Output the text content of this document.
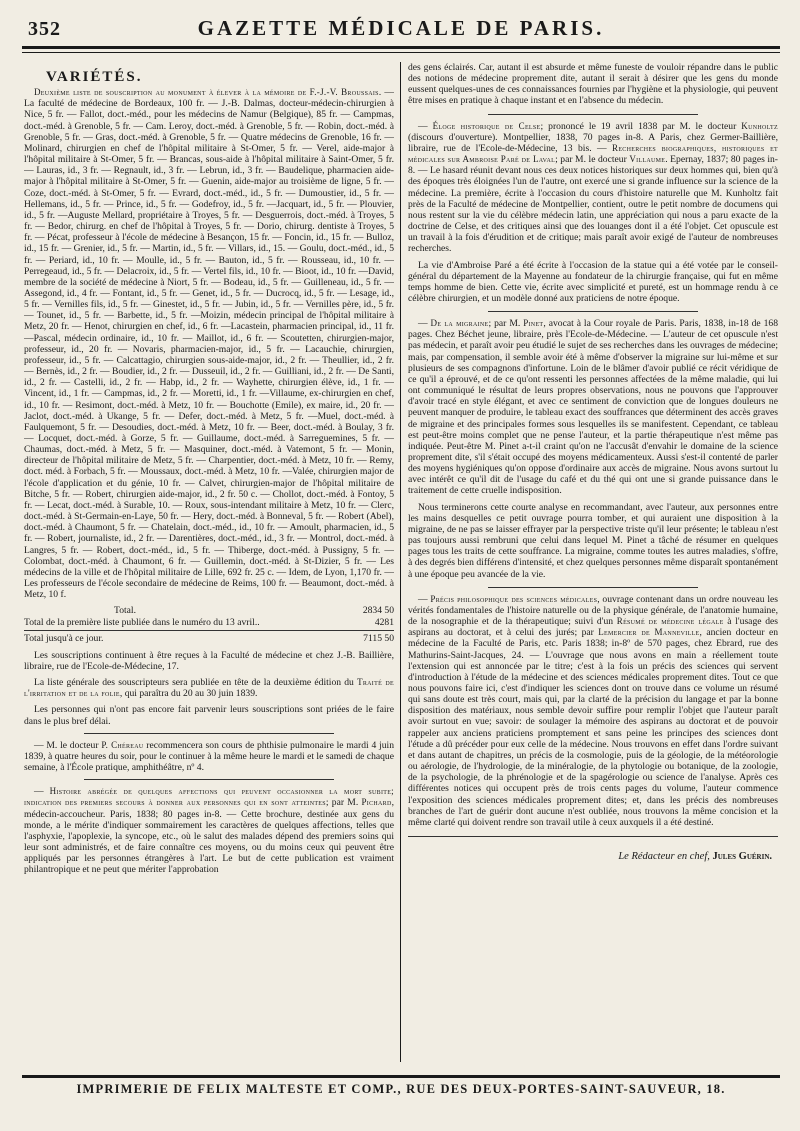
352	GAZETTE MÉDICALE DE PARIS.
VARIÉTÉS.

Deuxième liste de souscription au monument à élever à la mémoire de F.-J.-V. Broussais. — La faculté de médecine de Bordeaux, 100 fr. — J.-B. Dalmas, docteur-médecin-chirurgien à Nice, 5 fr. — Fallot, doct.-méd., pour les médecins de Namur (Belgique), 85 fr. — Campmas, doct.-méd. à Grenoble, 5 fr. — Cam. Leroy, doct.-méd. à Grenoble, 5 fr. — Robin, doct.-méd. à Grenoble, 5 fr. — Gras, doct.-méd. à Grenoble, 5 fr. — Quatre médecins de Grenoble, 16 fr. — Molinard, chirurgien en chef de l'hôpital militaire à St-Omer, 5 fr. — Verel, aide-major à l'hôpital militaire à St-Omer, 5 fr. — Brancas, sous-aide à l'hôpital militaire à Saint-Omer, 5 fr. — Lauras, id., 3 fr. — Regnault, id., 3 fr. — Lebrun, id., 3 fr. — Baudelique, pharmacien aide-major à l'hôpital militaire à St-Omer, 5 fr. — Guenin, aide-major au troisième de ligne, 5 fr. — Coze, doct.-méd. à St-Omer, 5 fr. — Evrard, doct.-méd., id., 5 fr. — Dumoustier, id., 5 fr. — Hellemans, id., 5 fr. — Prince, id., 5 fr. — Godefroy, id., 5 fr. —Jacquart, id., 5 fr. — Plouvier, id., 5 fr. —Auguste Mellard, propriétaire à Troyes, 5 fr. — Desguerrois, doct.-méd. à Troyes, 5 fr. — Bedor, chirurg. en chef de l'hôpital à Troyes, 5 fr. — Dorio, chirurg. dentiste à Troyes, 5 fr. — Pécat, professeur à l'école de médecine à Besançon, 15 fr. — Foncin, id., 15 fr. — Bulloz, id., 15 fr. — Grenier, id., 5 fr. — Martin, id., 5 fr. — Villars, id., 15. — Goulu, doct.-méd., id., 5 fr. — Periard, id., 10 fr. — Moulle, id., 5 fr. — Bauton, id., 5 fr. — Rousseau, id., 10 fr. — Perregeaud, id., 5 fr. — Delacroix, id., 5 fr. — Vertel fils, id., 10 fr. — Bioot, id., 10 fr. —David, membre de la société de médecine à Niort, 5 fr. — Bodeau, id., 5 fr. — Guilleneau, id., 5 fr. — Assegond, id., 4 fr. — Fontant, id., 5 fr. — Genet, id., 5 fr. — Ducrocq, id., 5 fr. — Lesage, id., 5 fr. — Vernilles fils, id., 5 fr. — Ginestet, id., 5 fr. — Jubin, id., 5 fr. — Vernilles père, id., 5 fr. — Tounet, id., 5 fr. — Barbette, id., 5 fr. —Moizin, médecin principal de l'hôpital militaire à Metz, 20 fr. — Henot, chirurgien en chef, id., 6 fr. —Lacastein, pharmacien principal, id., 11 fr. —Pascal, médecin ordinaire, id., 10 fr. — Maillot, id., 6 fr. — Scoutetten, chirurgien-major, professeur, id., 20 fr. — Novaris, pharmacien-major, id., 5 fr. — Lacauchie, chirurgien, professeur, id., 5 fr. — Calcattagio, chirurgien sous-aide-major, id., 2 fr. — Theullier, id., 2 fr. — Bernès, id., 2 fr. — Boudier, id., 2 fr. — Dusseuil, id., 2 fr. — Guilliani, id., 2 fr. — De Santi, id., 2 fr. — Castelli, id., 2 fr. — Habp, id., 2 fr. — Wayhette, chirurgien élève, id., 1 fr. — Vincent, id., 1 fr. — Campmas, id., 2 fr. — Moretti, id., 1 fr. —Villaume, ex-chirurgien en chef, id., 10 fr. — Resimont, doct.-méd. à Metz, 10 fr. — Bouchotte (Emile), ex maire, id., 20 fr. — Jaclot, doct.-méd. à Ukange, 5 fr. — Defer, doct.-méd. à Metz, 5 fr. —Muel, doct.-méd. à Faulquemont, 5 fr. — Desoudies, doct.-méd. à Metz, 10 fr. — Beer, doct.-méd. à Boulay, 3 fr. — Locquet, doct.-méd. à Gorze, 5 fr. — Guillaume, doct.-méd. à Sarreguemines, 5 fr. — Chaumas, doct.-méd. à Metz, 5 fr. — Masquiner, doct.-méd. à Vatemont, 5 fr. — Monin, directeur de l'hôpital militaire de Metz, 5 fr. — Charpentier, doct.-méd. à Metz, 10 fr. — Remy, doct. méd. à Forbach, 5 fr. — Moussaux, doct.-méd. à Metz, 10 fr. —Valée, chirurgien major de l'école d'application et du génie, 10 fr. — Calvet, chirurgien-major de l'hôpital militaire de Bitche, 5 fr. — Robert, chirurgien aide-major, id., 2 fr. 50 c. — Chollot, doct.-méd. à Fontoy, 5 fr. — Lecat, doct.-méd. à Surable, 10. — Roux, sous-intendant militaire à Metz, 10 fr. — Clerc, doct.-méd. à St-Germain-en-Laye, 50 fr. — Hery, doct.-méd. à Bonneval, 5 fr. — Robert (Abel), doct.-méd. à Chaumont, 5 fr. — Chatelain, doct.-méd., id., 10 fr. — Amoult, pharmacien, id., 5 fr. — Robert, journaliste, id., 2 fr. — Darentières, doct.-méd., id., 3 fr. — Montrol, doct.-méd. à Langres, 5 fr. — Robert, doct.-méd., id., 5 fr. — Thiberge, doct.-méd. à Pussigny, 5 fr. — Colombat, doct.-méd. à Chaumont, 6 fr. — Guillemin, doct.-méd. à St-Dizier, 5 fr. — Les médecins de la ville et de l'hôpital militaire de Lille, 692 fr. 25 c. — Idem, de Lyon, 1,170 fr. — Les professeurs de l'école secondaire de médecine de Reims, 100 fr. — Beaumont, doct.-méd. à Metz, 10 f.

Total.	2834 50
Total de la première liste publiée dans le numéro du 13 avril..	4281
Total jusqu'à ce jour.	7115 50

Les souscriptions continuent à être reçues à la Faculté de médecine et chez J.-B. Baillière, libraire, rue de l'Ecole-de-Médecine, 17.

La liste générale des souscripteurs sera publiée en tête de la deuxième édition du Traité de l'irritation et de la folie, qui paraîtra du 20 au 30 juin 1839.

Les personnes qui n'ont pas encore fait parvenir leurs souscriptions sont priées de le faire dans le plus bref délai.

— M. le docteur P. Chéreau recommencera son cours de phthisie pulmonaire le mardi 4 juin 1839, à quatre heures du soir, pour le continuer à la même heure le mardi et le samedi de chaque semaine, à l'École pratique, amphithéâtre, nº 4.

— Histoire abrégée de quelques affections qui peuvent occasionner la mort subite; indication des premiers secours à donner aux personnes qui en sont atteintes; par M. Pichard, médecin-accoucheur. Paris, 1838; 80 pages in-8. — Cette brochure, destinée aux gens du monde, a le mérite d'indiquer sommairement les caractères de quelques affections, telles que l'asphyxie, l'apoplexie, la syncope, etc., où le salut des malades dépend des premiers soins qui leur sont administrés, et de faire connaître ces moyens, ou du moins ceux qui peuvent être appliqués par les personnes étrangères à l'art. Le but de cette publication est vraiment philantropique et ne peut que mériter l'approbation

des gens éclairés. Car, autant il est absurde et même funeste de vouloir répandre dans le public des notions de médecine proprement dite, autant il serait à désirer que les gens du monde eussent quelques-unes de ces connaissances fournies par l'hygiène et la physiologie, qui peuvent être mises en pratique à chaque instant et en l'absence du médecin.

— Éloge historique de Celse; prononcé le 19 avril 1838 par M. le docteur Kunholtz (discours d'ouverture). Montpellier, 1838, 70 pages in-8. A Paris, chez Germer-Baillière, libraire, rue de l'Ecole-de-Médecine, 13 bis. — Recherches biographiques, historiques et médicales sur Ambroise Paré de Laval; par M. le docteur Villaume. Epernay, 1837; 80 pages in-8. — Le hasard réunit devant nous ces deux notices historiques sur deux hommes qui, bien qu'à des époques très éloignées l'un de l'autre, ont exercé une si grande influence sur la science de la médecine. La première, écrite à l'occasion du cours d'histoire naturelle que M. Kunholtz fait près de la Faculté de médecine de Montpellier, contient, outre le petit nombre de documens qui nous restent sur la vie du célèbre médecin latin, une appréciation qui nous a paru exacte de la doctrine de Celse, et des critiques ainsi que des louanges dont il a été l'objet. Cet opuscule est un travail à la fois d'érudition et de critique; mais paraît avoir exigé de l'auteur de nombreuses recherches.

La vie d'Ambroise Paré a été écrite à l'occasion de la statue qui a été votée par le conseil-général du département de la Mayenne au fondateur de la chirurgie française, qui fut en même temps homme de bien. Cette vie, écrite avec simplicité et pureté, est un hommage rendu à ce célèbre chirurgien, et un modèle donné aux praticiens de notre époque.

— De la migraine; par M. Pinet, avocat à la Cour royale de Paris. Paris, 1838, in-18 de 168 pages. Chez Béchet jeune, libraire, près l'Ecole-de-Médecine. — L'auteur de cet opuscule n'est pas médecin, et paraît avoir peu étudié le sujet de ses recherches dans les ouvrages de médecine; mais, par compensation, il semble avoir été à même d'observer la migraine sur lui-même et sur plusieurs de ses compagnons d'infortune. Loin de le blâmer d'avoir publié ce récit véridique de ce qu'il a éprouvé, et de ce qu'ont ressenti les personnes affectées de la même maladie, qui lui ont communiqué le résultat de leurs propres observations, nous ne pouvons que l'approuver d'avoir tracé en style élégant, et avec ce sentiment de conviction que de longues douleurs ne peuvent manquer de produire, le tableau exact des souffrances que déterminent des accès graves de migraine et des principales formes sous lesquelles ils se manifestent. Cependant, ce tableau est peut-être moins complet que ne pense l'auteur, et la partie thérapeutique n'est même pas indiquée. Peut-être M. Pinet a-t-il craint qu'on ne l'accusât d'envahir le domaine de la science proprement dite, s'il s'était occupé des moyens médicamenteux. Aussi s'est-il contenté de parler des moyens hygiéniques qu'on oppose d'ordinaire aux accès de migraine. Nous avons surtout lu avec intérêt ce qu'il dit de l'usage du café et du thé qui ont une si grande puissance dans le traitement de cette cruelle indisposition.

Nous terminerons cette courte analyse en recommandant, avec l'auteur, aux personnes entre les mains desquelles ce petit ouvrage pourra tomber, et qui auraient une disposition à la migraine, de ne pas se laisser effrayer par la perspective triste qu'il leur présente; le tableau n'est pas toujours aussi rembruni que celui dans lequel M. Pinet a tâché de résumer en quelques pages tous les traits de cette souffrance. La migraine, comme toutes les autres maladies, s'offre, à des degrés bien différens d'intensité, et chez quelques personnes même disparaît spontanément à une époque peu avancée de la vie.

— Précis philosophique des sciences médicales, ouvrage contenant dans un ordre nouveau les vérités fondamentales de l'histoire naturelle ou de la physique générale, de l'anatomie humaine, de la nosographie et de la thérapeutique; suivi d'un Résumé de médecine légale à l'usage des aspirans au doctorat, et à celui des jurés; par Lemercier de Manneville, ancien docteur en médecine de la Faculté de Paris, etc. Paris 1838; in-8º de 570 pages, chez Ebrard, rue des Mathurins-Saint-Jacques, 24. — L'ouvrage que nous avons en main a réellement toute l'extension qui est annoncée par le titre; c'est à la fois un précis des sciences qui servent d'introduction à l'étude de la médecine et des sciences médicales proprement dites. Tout ce que nous pouvons faire ici, c'est d'indiquer les sciences dont on trouve dans ce volume un résumé qui sans doute est très court, mais qui, par la clarté de la précision du langage et par la bonne disposition des matériaux, nous semble devoir suffire pour remplir l'objet que l'auteur paraît avoir surtout en vue; savoir: de soulager la mémoire des aspirans au doctorat et de pouvoir rappeler aux anciens praticiens promptement et sans peine les principes des sciences dont l'étude a dû précéder pour eux celle de la médecine. Nous trouvons en effet dans l'ordre suivant et dans autant de chapitres, un précis de la cosmologie, puis de la géologie, de la météorologie ou aérologie, de l'hydrologie, de la minéralogie, de la phytologie ou botanique, de la zoologie, de la psychologie, de la phrénologie et de la spagérologie ou science de l'analyse. Après ces différentes notices qui occupent près de trois cents pages du volume, l'auteur commence l'exposition des sciences médicales proprement dites; et, dans les précis des nombreuses branches de l'art de guérir dont aucune n'est oubliée, nous trouvons la même concision et la même clarté qui doivent rendre son travail utile à ceux auxquels il a été destiné.

Le Rédacteur en chef, Jules Guérin.

IMPRIMERIE DE FELIX MALTESTE ET COMP., RUE DES DEUX-PORTES-SAINT-SAUVEUR, 18.
